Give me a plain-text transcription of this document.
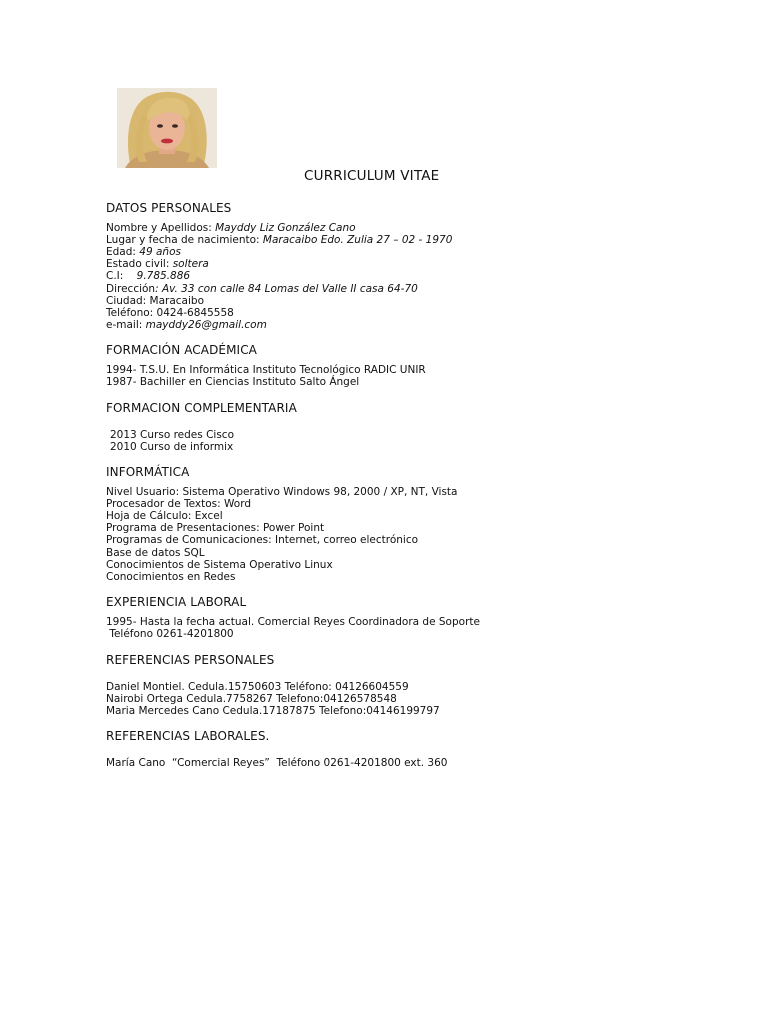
CURRICULUM VITAE
DATOS PERSONALES
Nombre y Apellidos: Mayddy Liz González Cano
Lugar y fecha de nacimiento: Maracaibo Edo. Zulia 27 – 02 - 1970
Edad: 49 años
Estado civil: soltera
C.I:    9.785.886
Dirección: Av. 33 con calle 84 Lomas del Valle II casa 64-70
Ciudad: Maracaibo
Teléfono: 0424-6845558
e-mail: mayddy26@gmail.com
FORMACIÓN ACADÉMICA
1994- T.S.U. En Informática Instituto Tecnológico RADIC UNIR
1987- Bachiller en Ciencias Instituto Salto Ángel
FORMACION COMPLEMENTARIA
2013 Curso redes Cisco
2010 Curso de informix
INFORMÁTICA
Nivel Usuario: Sistema Operativo Windows 98, 2000 / XP, NT, Vista
Procesador de Textos: Word
Hoja de Cálculo: Excel
Programa de Presentaciones: Power Point
Programas de Comunicaciones: Internet, correo electrónico
Base de datos SQL
Conocimientos de Sistema Operativo Linux
Conocimientos en Redes
EXPERIENCIA LABORAL
1995- Hasta la fecha actual. Comercial Reyes Coordinadora de Soporte
Teléfono 0261-4201800
REFERENCIAS PERSONALES
Daniel Montiel. Cedula.15750603 Teléfono: 04126604559
Nairobi Ortega Cedula.7758267 Telefono:04126578548
Maria Mercedes Cano Cedula.17187875 Telefono:04146199797
REFERENCIAS LABORALES.
María Cano  “Comercial Reyes”  Teléfono 0261-4201800 ext. 360
